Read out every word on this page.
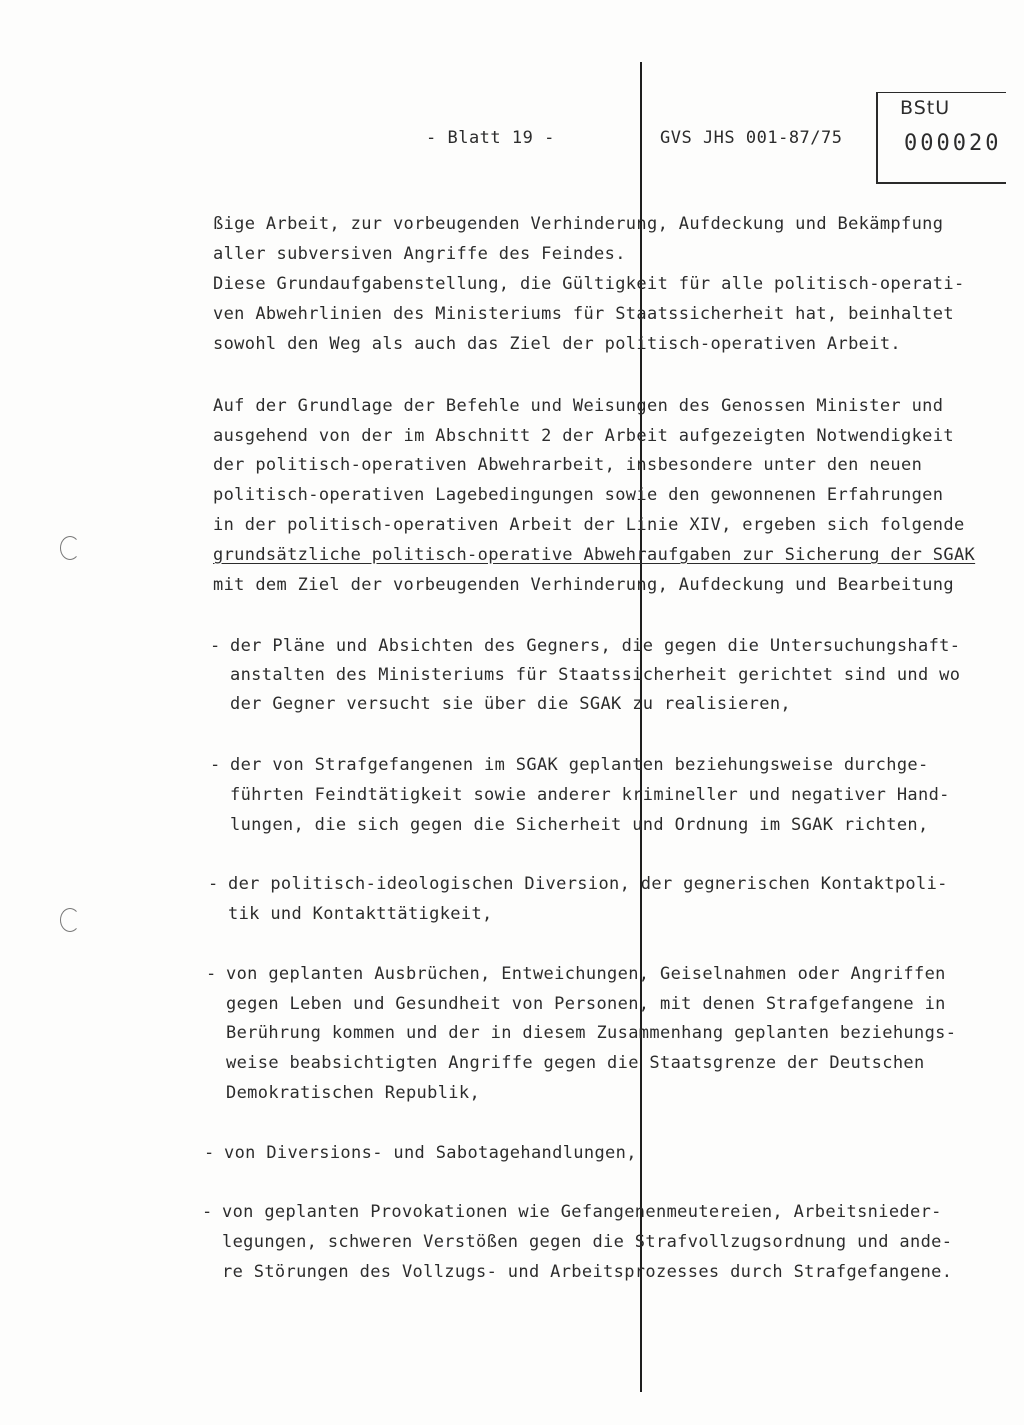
- Blatt 19 -	GVS JHS 001-87/75
BStU
000020
ßige Arbeit, zur vorbeugenden Verhinderung, Aufdeckung und Bekämpfung
aller subversiven Angriffe des Feindes.
Diese Grundaufgabenstellung, die Gültigkeit für alle politisch-operati-
ven Abwehrlinien des Ministeriums für Staatssicherheit hat, beinhaltet
sowohl den Weg als auch das Ziel der politisch-operativen Arbeit.
Auf der Grundlage der Befehle und Weisungen des Genossen Minister und
ausgehend von der im Abschnitt 2 der Arbeit aufgezeigten Notwendigkeit
der politisch-operativen Abwehrarbeit, insbesondere unter den neuen
politisch-operativen Lagebedingungen sowie den gewonnenen Erfahrungen
in der politisch-operativen Arbeit der Linie XIV, ergeben sich folgende
grundsätzliche politisch-operative Abwehraufgaben zur Sicherung der SGAK
mit dem Ziel der vorbeugenden Verhinderung, Aufdeckung und Bearbeitung
- der Pläne und Absichten des Gegners, die gegen die Untersuchungshaft-
anstalten des Ministeriums für Staatssicherheit gerichtet sind und wo
der Gegner versucht sie über die SGAK zu realisieren,
- der von Strafgefangenen im SGAK geplanten beziehungsweise durchge-
führten Feindtätigkeit sowie anderer krimineller und negativer Hand-
lungen, die sich gegen die Sicherheit und Ordnung im SGAK richten,
- der politisch-ideologischen Diversion, der gegnerischen Kontaktpoli-
tik und Kontakttätigkeit,
- von geplanten Ausbrüchen, Entweichungen, Geiselnahmen oder Angriffen
gegen Leben und Gesundheit von Personen, mit denen Strafgefangene in
Berührung kommen und der in diesem Zusammenhang geplanten beziehungs-
weise beabsichtigten Angriffe gegen die Staatsgrenze der Deutschen
Demokratischen Republik,
- von Diversions- und Sabotagehandlungen,
- von geplanten Provokationen wie Gefangenenmeutereien, Arbeitsnieder-
legungen, schweren Verstößen gegen die Strafvollzugsordnung und ande-
re Störungen des Vollzugs- und Arbeitsprozesses durch Strafgefangene.
